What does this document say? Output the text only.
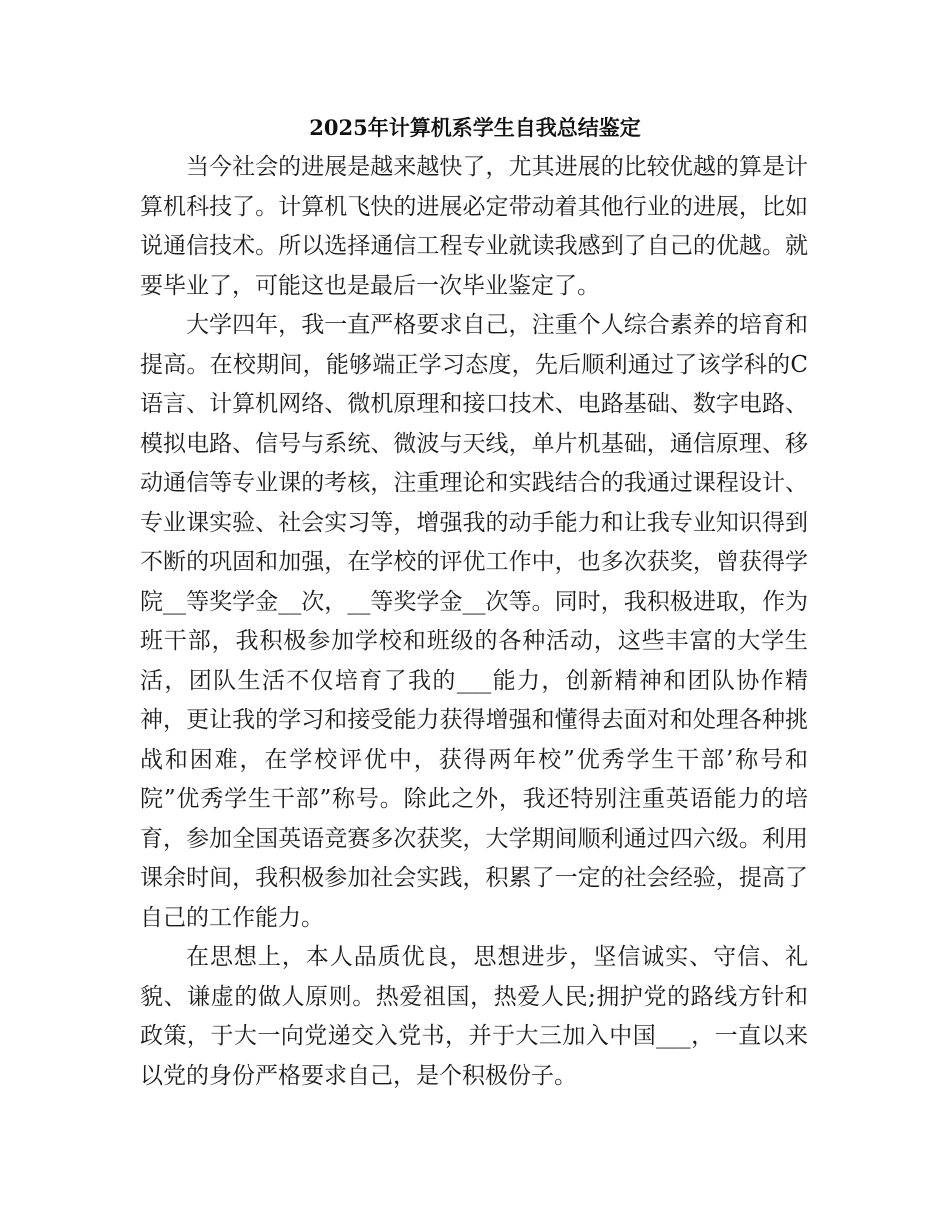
2025年计算机系学生自我总结鉴定

当今社会的进展是越来越快了，尤其进展的比较优越的算是计算机科技了。计算机飞快的进展必定带动着其他行业的进展，比如说通信技术。所以选择通信工程专业就读我感到了自己的优越。就要毕业了，可能这也是最后一次毕业鉴定了。

大学四年，我一直严格要求自己，注重个人综合素养的培育和提高。在校期间，能够端正学习态度，先后顺利通过了该学科的C语言、计算机网络、微机原理和接口技术、电路基础、数字电路、模拟电路、信号与系统、微波与天线，单片机基础，通信原理、移动通信等专业课的考核，注重理论和实践结合的我通过课程设计、专业课实验、社会实习等，增强我的动手能力和让我专业知识得到不断的巩固和加强，在学校的评优工作中，也多次获奖，曾获得学院__等奖学金__次，__等奖学金__次等。同时，我积极进取，作为班干部，我积极参加学校和班级的各种活动，这些丰富的大学生活，团队生活不仅培育了我的___能力，创新精神和团队协作精神，更让我的学习和接受能力获得增强和懂得去面对和处理各种挑战和困难，在学校评优中，获得两年校”优秀学生干部’称号和院”优秀学生干部”称号。除此之外，我还特别注重英语能力的培育，参加全国英语竞赛多次获奖，大学期间顺利通过四六级。利用课余时间，我积极参加社会实践，积累了一定的社会经验，提高了自己的工作能力。

在思想上，本人品质优良，思想进步，坚信诚实、守信、礼貌、谦虚的做人原则。热爱祖国，热爱人民;拥护党的路线方针和政策，于大一向党递交入党书，并于大三加入中国___，一直以来以党的身份严格要求自己，是个积极份子。
